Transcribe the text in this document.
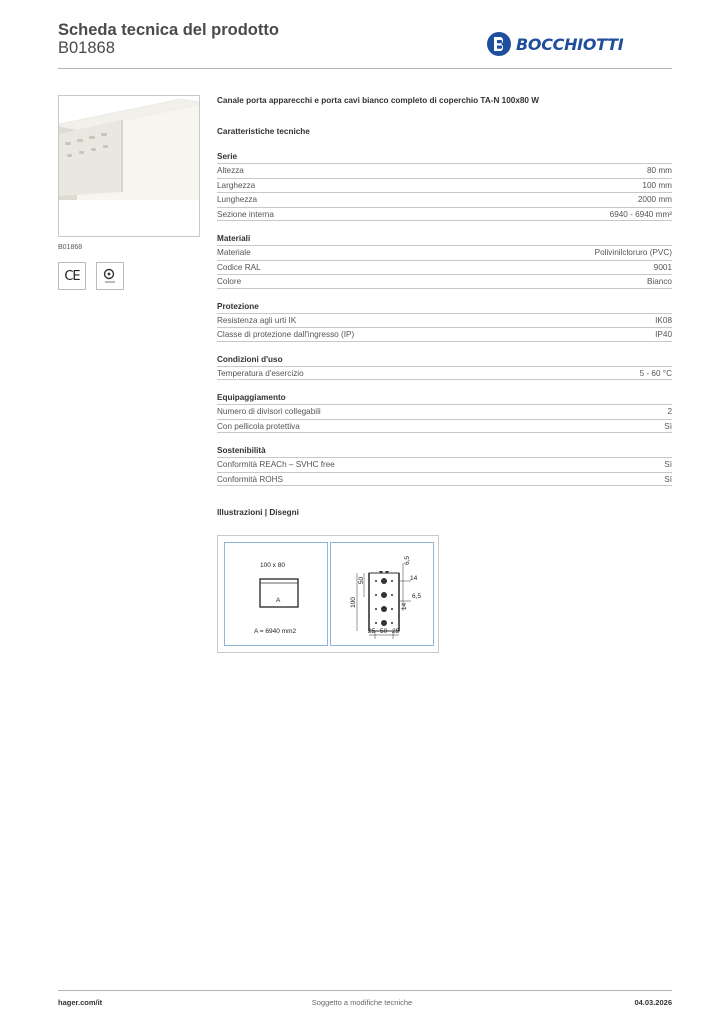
Scheda tecnica del prodotto
B01868	BOCCHIOTTI
B01868
CE
Canale porta apparecchi e porta cavi bianco completo di coperchio TA-N 100x80 W
Caratteristiche tecniche
Serie
Altezza	80 mm
Larghezza	100 mm
Lunghezza	2000 mm
Sezione interna	6940 - 6940 mm²
Materiali
Materiale	Polivinilcloruro (PVC)
Codice RAL	9001
Colore	Bianco
Protezione
Resistenza agli urti IK	IK08
Classe di protezione dall'ingresso (IP)	IP40
Condizioni d'uso
Temperatura d'esercizio	5 - 60 °C
Equipaggiamento
Numero di divisori collegabili	2
Con pellicola protettiva	Sì
Sostenibilità
Conformità REACh – SVHC free	Sì
Conformità ROHS	Sì
Illustrazioni | Disegni
100 x 80
A
A = 6940 mm2
6,5
14
6,5
14
50
100
25 50 25
hager.com/it	Soggetto a modifiche tecniche	04.03.2026
